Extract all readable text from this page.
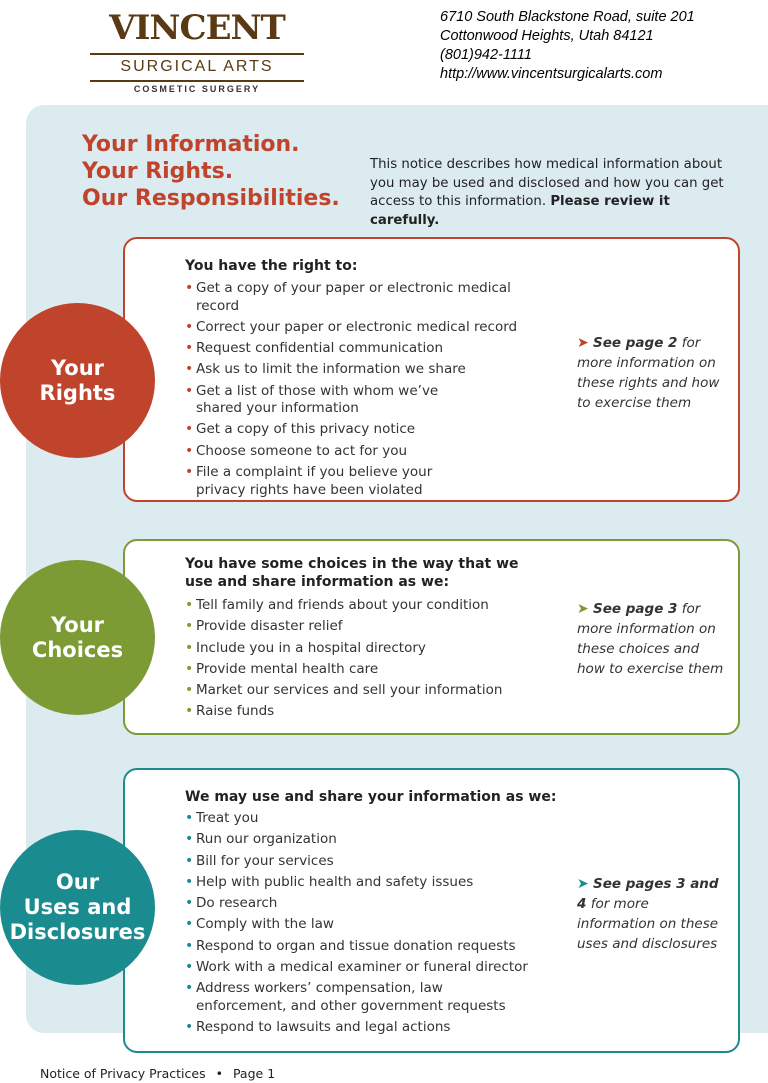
VINCENT
SURGICAL ARTS
COSMETIC SURGERY
6710 South Blackstone Road, suite 201
Cottonwood Heights, Utah 84121
(801)942-1111
http://www.vincentsurgicalarts.com
Your Information.
Your Rights.
Our Responsibilities.
This notice describes how medical information about you may be used and disclosed and how you can get access to this information. Please review it carefully.
You have the right to:
• Get a copy of your paper or electronic medical record
• Correct your paper or electronic medical record
• Request confidential communication
• Ask us to limit the information we share
• Get a list of those with whom we’ve shared your information
• Get a copy of this privacy notice
• Choose someone to act for you
• File a complaint if you believe your privacy rights have been violated
➤ See page 2 for more information on these rights and how to exercise them
Your
Rights
You have some choices in the way that we
use and share information as we:
• Tell family and friends about your condition
• Provide disaster relief
• Include you in a hospital directory
• Provide mental health care
• Market our services and sell your information
• Raise funds
➤ See page 3 for more information on these choices and how to exercise them
Your
Choices
We may use and share your information as we:
• Treat you
• Run our organization
• Bill for your services
• Help with public health and safety issues
• Do research
• Comply with the law
• Respond to organ and tissue donation requests
• Work with a medical examiner or funeral director
• Address workers’ compensation, law enforcement, and other government requests
• Respond to lawsuits and legal actions
➤ See pages 3 and 4 for more information on these uses and disclosures
Our
Uses and
Disclosures
Notice of Privacy Practices • Page 1
